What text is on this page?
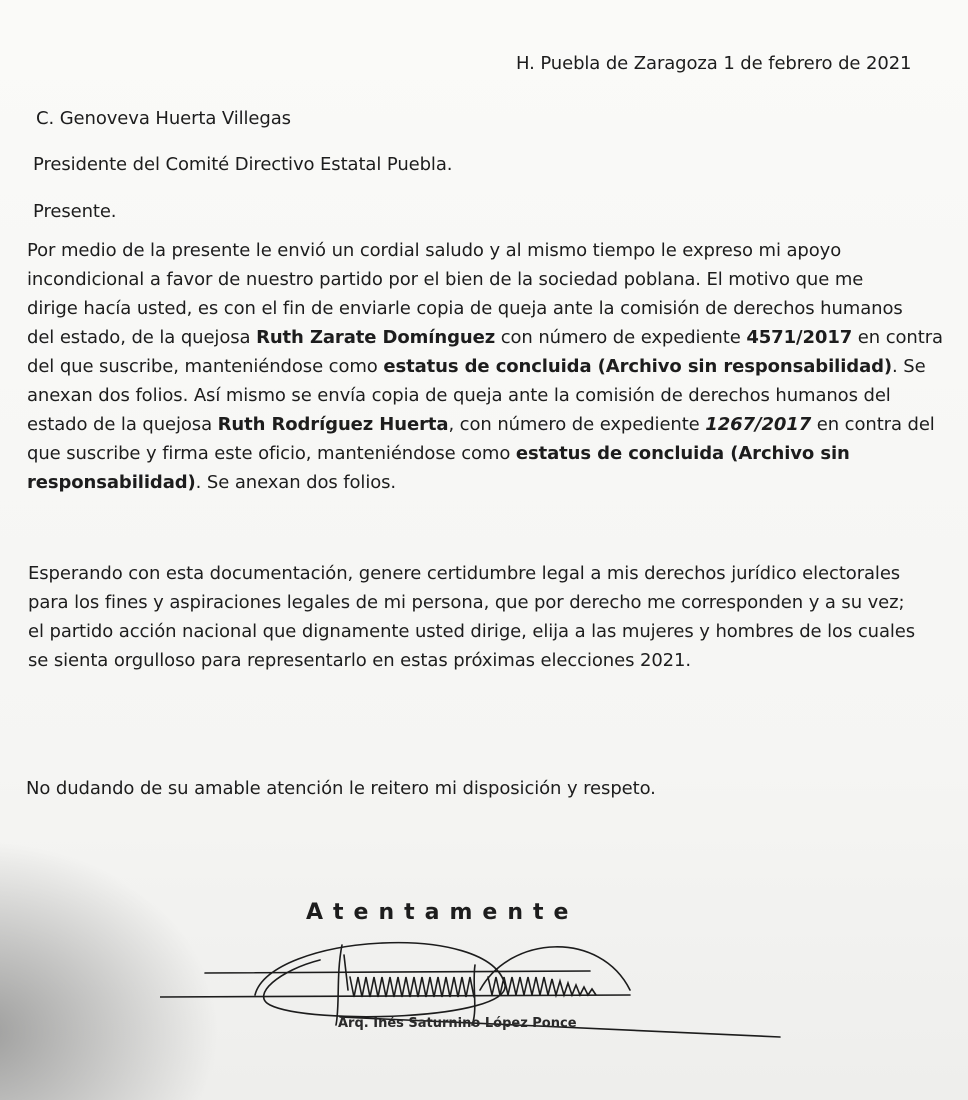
H. Puebla de Zaragoza 1 de febrero de 2021
C. Genoveva Huerta Villegas
Presidente del Comité Directivo Estatal Puebla.
Presente.
Por medio de la presente le envió un cordial saludo y al mismo tiempo le expreso mi apoyo
incondicional a favor de nuestro partido por el bien de la sociedad poblana. El motivo que me
dirige hacía usted, es con el fin de enviarle copia de queja ante la comisión de derechos humanos
del estado, de la quejosa Ruth Zarate Domínguez con número de expediente 4571/2017 en contra
del que suscribe, manteniéndose como estatus de concluida (Archivo sin responsabilidad). Se
anexan dos folios. Así mismo se envía copia de queja ante la comisión de derechos humanos del
estado de la quejosa Ruth Rodríguez Huerta, con número de expediente 1267/2017 en contra del
que suscribe y firma este oficio, manteniéndose como estatus de concluida (Archivo sin
responsabilidad). Se anexan dos folios.
Esperando con esta documentación, genere certidumbre legal a mis derechos jurídico electorales
para los fines y aspiraciones legales de mi persona, que por derecho me corresponden y a su vez;
el partido acción nacional que dignamente usted dirige, elija a las mujeres y hombres de los cuales
se sienta orgulloso para representarlo en estas próximas elecciones 2021.
No dudando de su amable atención le reitero mi disposición y respeto.
Atentamente
Arq. Inés Saturnino López Ponce
